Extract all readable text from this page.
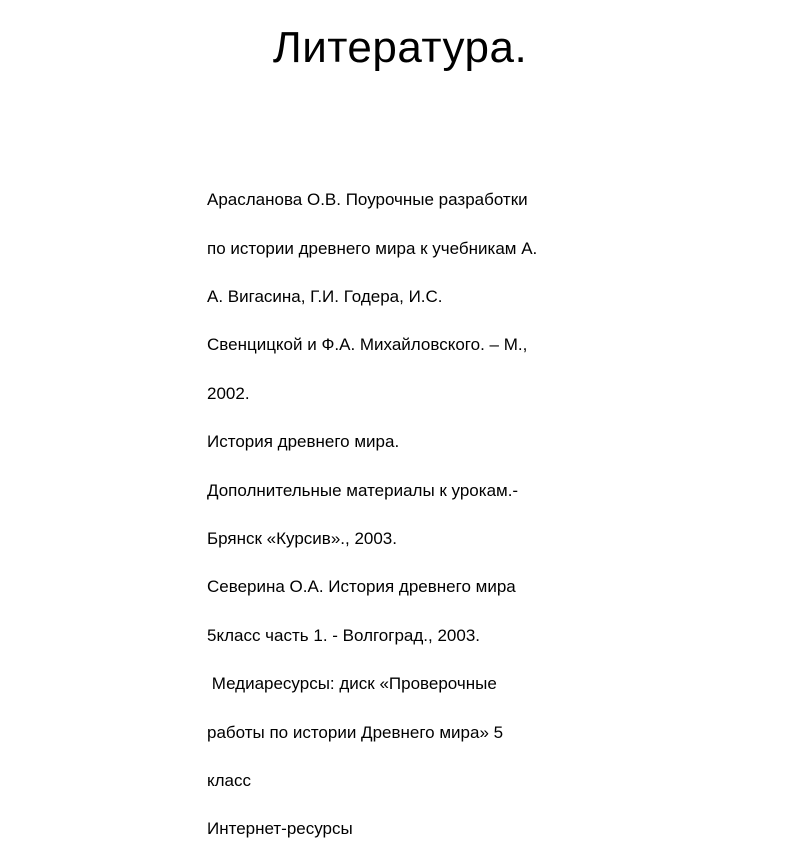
Литература.

Арасланова О.В. Поурочные разработки

по истории древнего мира к учебникам А.

А. Вигасина, Г.И. Годера, И.С.

Свенцицкой и Ф.А. Михайловского. – М.,

2002.

История древнего мира.

Дополнительные материалы к урокам.-

Брянск «Курсив»., 2003.

Северина О.А. История древнего мира

5класс часть 1. - Волгоград., 2003.

Медиаресурсы: диск «Проверочные

работы по истории Древнего мира» 5

класс

Интернет-ресурсы
